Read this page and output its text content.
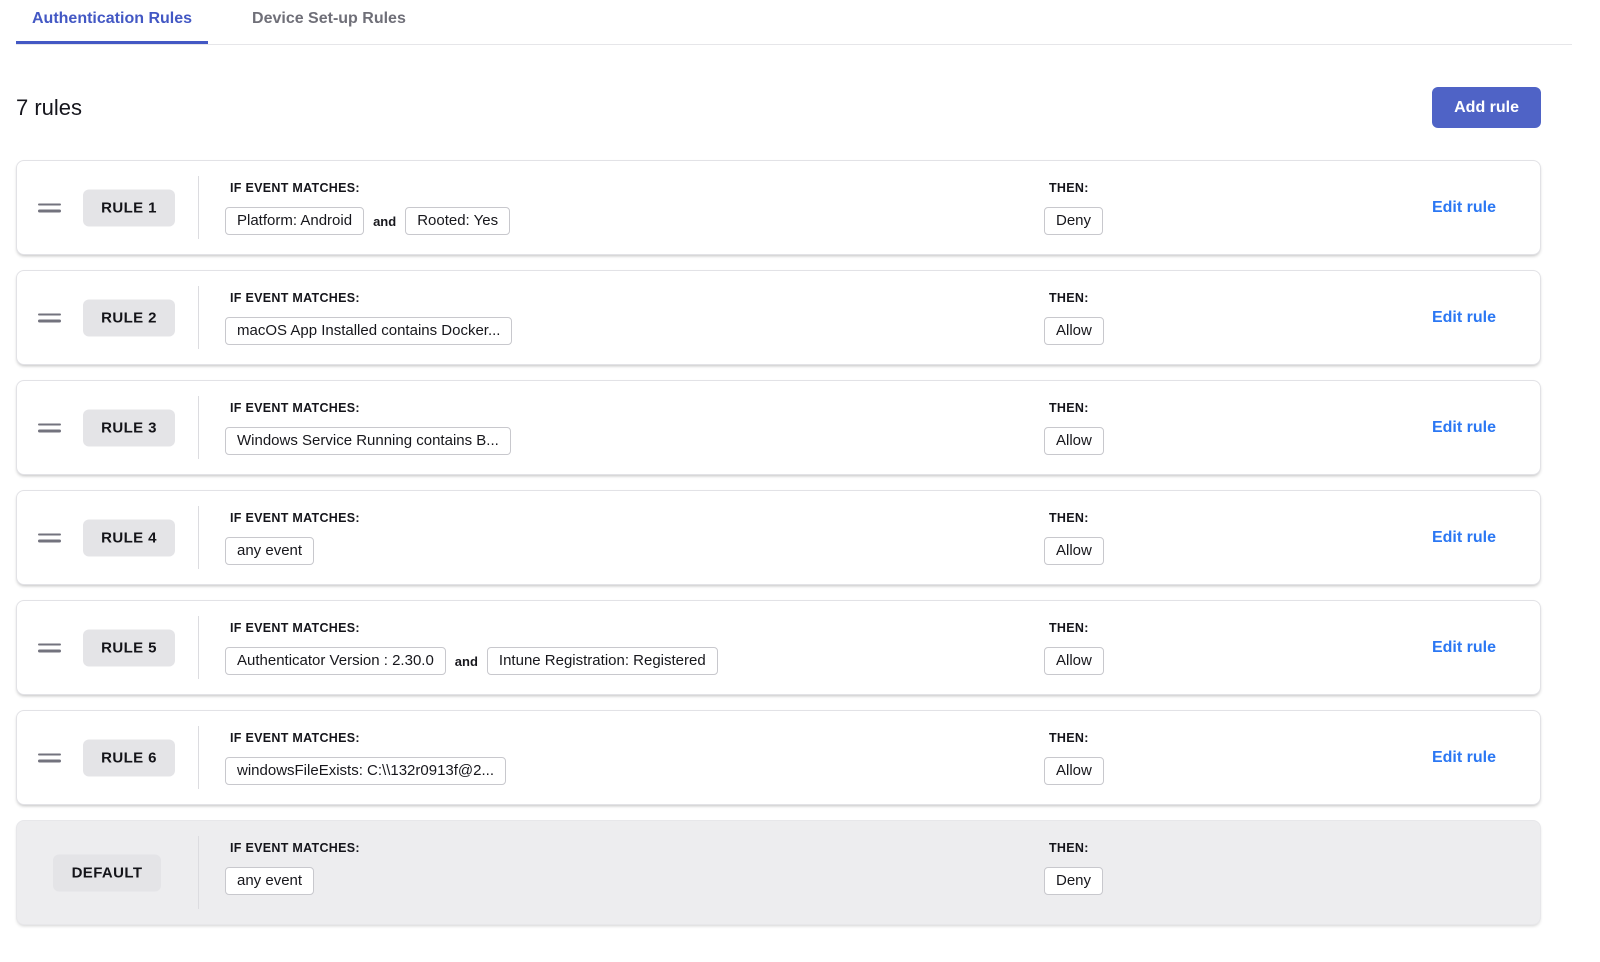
Authentication Rules	Device Set-up Rules
7 rules	Add rule
RULE 1
IF EVENT MATCHES:
Platform: Android	and	Rooted: Yes
THEN:
Deny
Edit rule
RULE 2
IF EVENT MATCHES:
macOS App Installed contains Docker...
THEN:
Allow
Edit rule
RULE 3
IF EVENT MATCHES:
Windows Service Running contains B...
THEN:
Allow
Edit rule
RULE 4
IF EVENT MATCHES:
any event
THEN:
Allow
Edit rule
RULE 5
IF EVENT MATCHES:
Authenticator Version : 2.30.0	and	Intune Registration: Registered
THEN:
Allow
Edit rule
RULE 6
IF EVENT MATCHES:
windowsFileExists: C:\\132r0913f@2...
THEN:
Allow
Edit rule
DEFAULT
IF EVENT MATCHES:
any event
THEN:
Deny
